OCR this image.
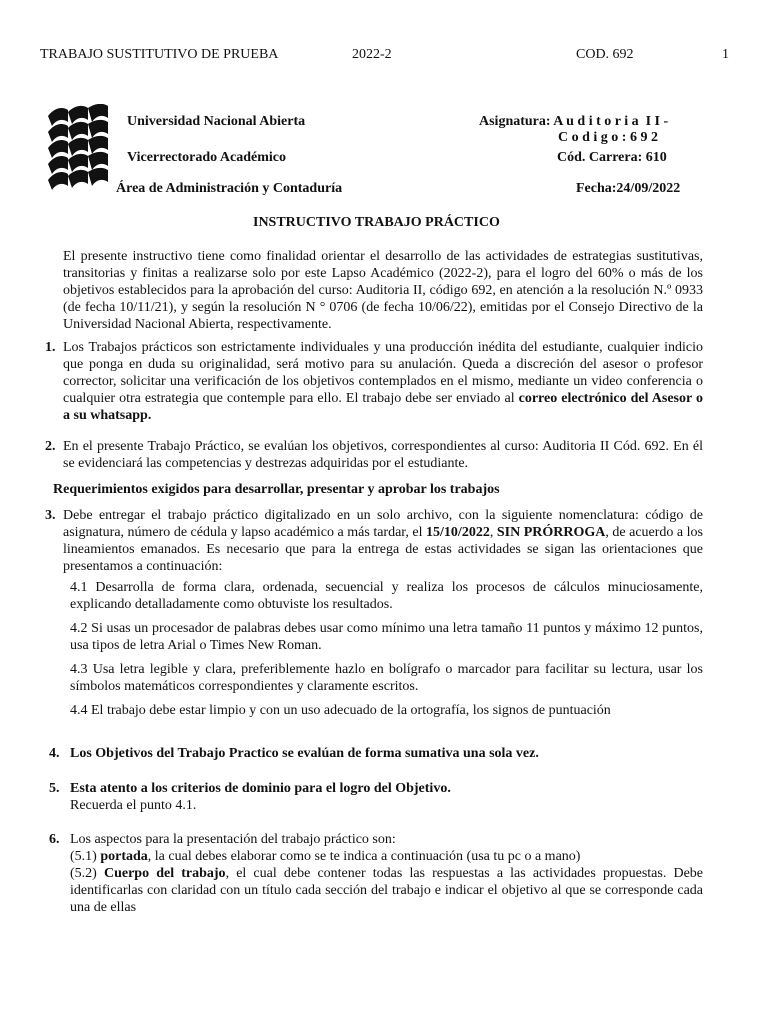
TRABAJO SUSTITUTIVO DE PRUEBA	2022-2	COD. 692	1
Universidad Nacional Abierta
Vicerrectorado Académico
Área de Administración y Contaduría
Asignatura: A u d i t o r i a  I I -
C o d i g o : 6 9 2
Cód. Carrera: 610
Fecha:24/09/2022
INSTRUCTIVO TRABAJO PRÁCTICO
El presente instructivo tiene como finalidad orientar el desarrollo de las actividades de estrategias sustitutivas, transitorias y finitas a realizarse solo por este Lapso Académico (2022-2), para el logro del 60% o más de los objetivos establecidos para la aprobación del curso: Auditoria II, código 692, en atención a la resolución N.º 0933 (de fecha 10/11/21), y según la resolución N ° 0706 (de fecha 10/06/22), emitidas por el Consejo Directivo de la Universidad Nacional Abierta, respectivamente.
1. Los Trabajos prácticos son estrictamente individuales y una producción inédita del estudiante, cualquier indicio que ponga en duda su originalidad, será motivo para su anulación. Queda a discreción del asesor o profesor corrector, solicitar una verificación de los objetivos contemplados en el mismo, mediante un video conferencia o cualquier otra estrategia que contemple para ello. El trabajo debe ser enviado al correo electrónico del Asesor o a su whatsapp.
2. En el presente Trabajo Práctico, se evalúan los objetivos, correspondientes al curso: Auditoria II Cód. 692. En él se evidenciará las competencias y destrezas adquiridas por el estudiante.
Requerimientos exigidos para desarrollar, presentar y aprobar los trabajos
3. Debe entregar el trabajo práctico digitalizado en un solo archivo, con la siguiente nomenclatura: código de asignatura, número de cédula y lapso académico a más tardar, el 15/10/2022, SIN PRÓRROGA, de acuerdo a los lineamientos emanados. Es necesario que para la entrega de estas actividades se sigan las orientaciones que presentamos a continuación:
4.1 Desarrolla de forma clara, ordenada, secuencial y realiza los procesos de cálculos minuciosamente, explicando detalladamente como obtuviste los resultados.
4.2 Si usas un procesador de palabras debes usar como mínimo una letra tamaño 11 puntos y máximo 12 puntos, usa tipos de letra Arial o Times New Roman.
4.3 Usa letra legible y clara, preferiblemente hazlo en bolígrafo o marcador para facilitar su lectura, usar los símbolos matemáticos correspondientes y claramente escritos.
4.4 El trabajo debe estar limpio y con un uso adecuado de la ortografía, los signos de puntuación
4. Los Objetivos del Trabajo Practico se evalúan de forma sumativa una sola vez.
5. Esta atento a los criterios de dominio para el logro del Objetivo.
Recuerda el punto 4.1.
6. Los aspectos para la presentación del trabajo práctico son:
(5.1) portada, la cual debes elaborar como se te indica a continuación (usa tu pc o a mano)
(5.2) Cuerpo del trabajo, el cual debe contener todas las respuestas a las actividades propuestas. Debe identificarlas con claridad con un título cada sección del trabajo e indicar el objetivo al que se corresponde cada una de ellas
